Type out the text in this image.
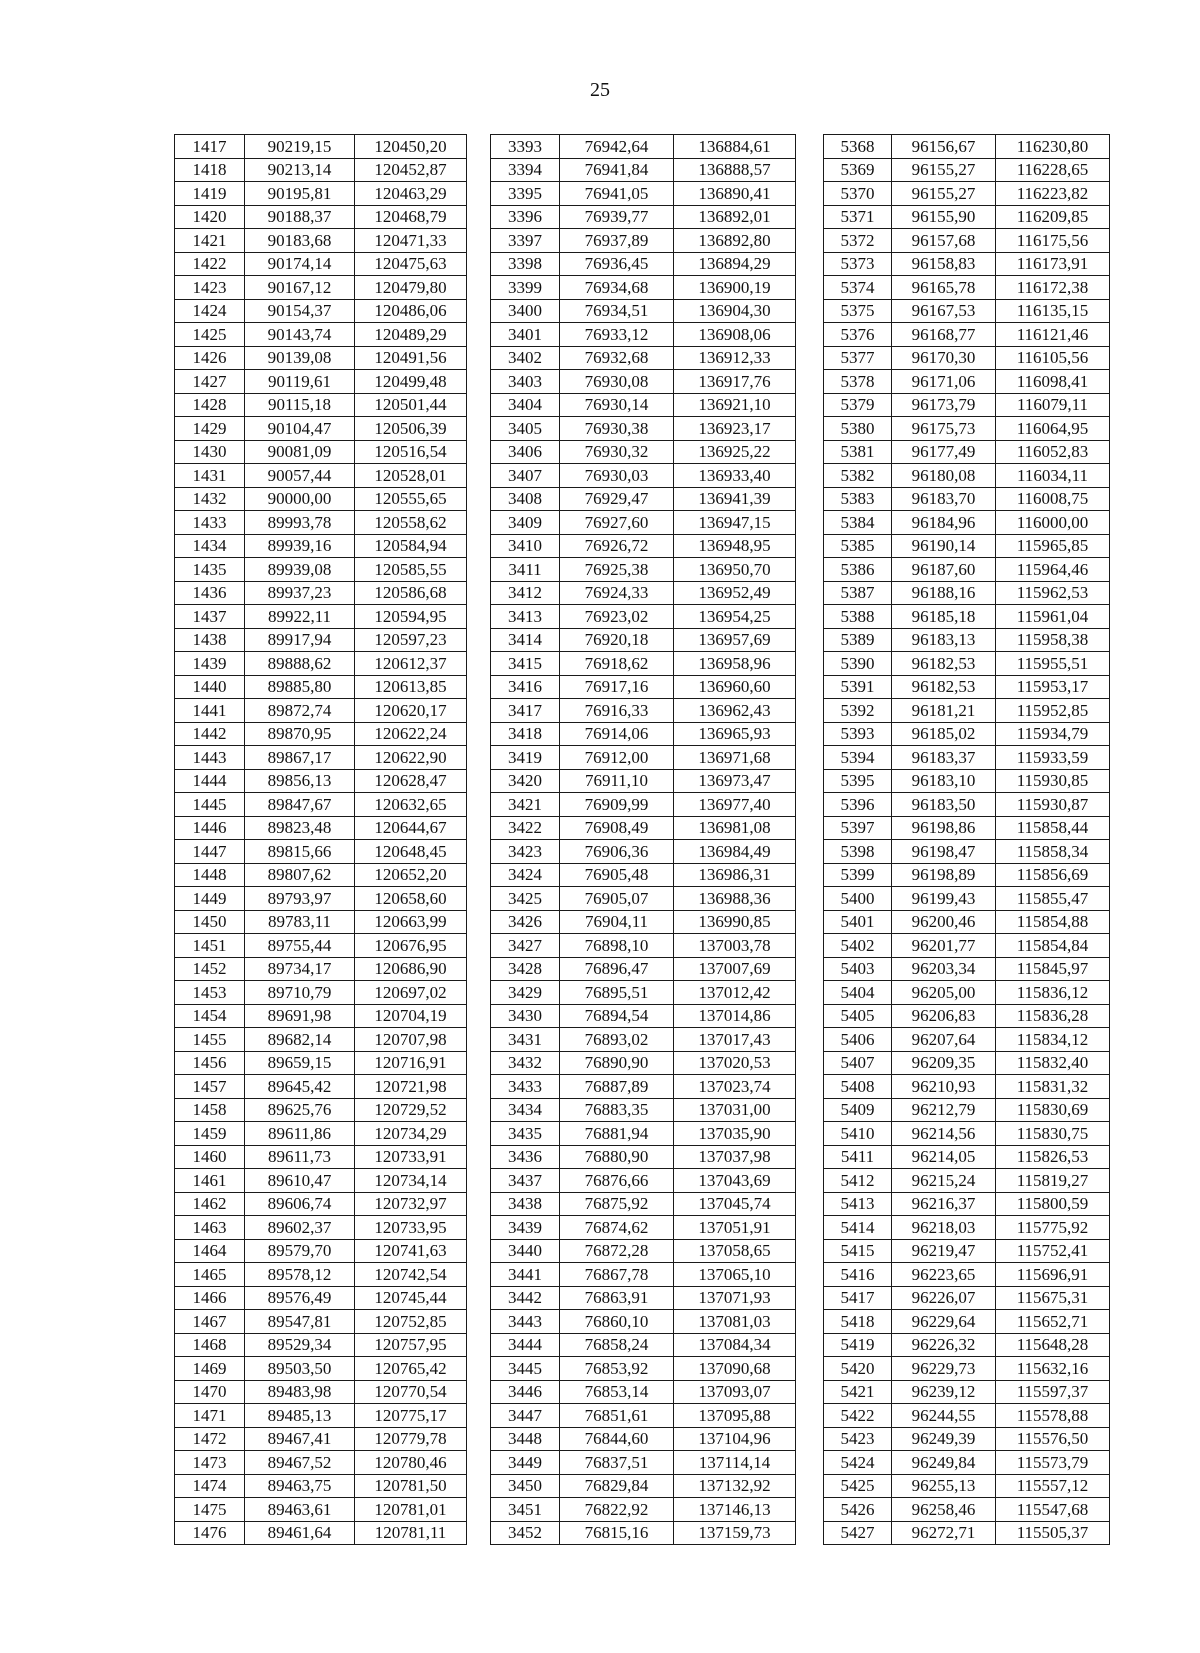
25
1417	90219,15	120450,20		3393	76942,64	136884,61		5368	96156,67	116230,80
1418	90213,14	120452,87		3394	76941,84	136888,57		5369	96155,27	116228,65
1419	90195,81	120463,29		3395	76941,05	136890,41		5370	96155,27	116223,82
1420	90188,37	120468,79		3396	76939,77	136892,01		5371	96155,90	116209,85
1421	90183,68	120471,33		3397	76937,89	136892,80		5372	96157,68	116175,56
1422	90174,14	120475,63		3398	76936,45	136894,29		5373	96158,83	116173,91
1423	90167,12	120479,80		3399	76934,68	136900,19		5374	96165,78	116172,38
1424	90154,37	120486,06		3400	76934,51	136904,30		5375	96167,53	116135,15
1425	90143,74	120489,29		3401	76933,12	136908,06		5376	96168,77	116121,46
1426	90139,08	120491,56		3402	76932,68	136912,33		5377	96170,30	116105,56
1427	90119,61	120499,48		3403	76930,08	136917,76		5378	96171,06	116098,41
1428	90115,18	120501,44		3404	76930,14	136921,10		5379	96173,79	116079,11
1429	90104,47	120506,39		3405	76930,38	136923,17		5380	96175,73	116064,95
1430	90081,09	120516,54		3406	76930,32	136925,22		5381	96177,49	116052,83
1431	90057,44	120528,01		3407	76930,03	136933,40		5382	96180,08	116034,11
1432	90000,00	120555,65		3408	76929,47	136941,39		5383	96183,70	116008,75
1433	89993,78	120558,62		3409	76927,60	136947,15		5384	96184,96	116000,00
1434	89939,16	120584,94		3410	76926,72	136948,95		5385	96190,14	115965,85
1435	89939,08	120585,55		3411	76925,38	136950,70		5386	96187,60	115964,46
1436	89937,23	120586,68		3412	76924,33	136952,49		5387	96188,16	115962,53
1437	89922,11	120594,95		3413	76923,02	136954,25		5388	96185,18	115961,04
1438	89917,94	120597,23		3414	76920,18	136957,69		5389	96183,13	115958,38
1439	89888,62	120612,37		3415	76918,62	136958,96		5390	96182,53	115955,51
1440	89885,80	120613,85		3416	76917,16	136960,60		5391	96182,53	115953,17
1441	89872,74	120620,17		3417	76916,33	136962,43		5392	96181,21	115952,85
1442	89870,95	120622,24		3418	76914,06	136965,93		5393	96185,02	115934,79
1443	89867,17	120622,90		3419	76912,00	136971,68		5394	96183,37	115933,59
1444	89856,13	120628,47		3420	76911,10	136973,47		5395	96183,10	115930,85
1445	89847,67	120632,65		3421	76909,99	136977,40		5396	96183,50	115930,87
1446	89823,48	120644,67		3422	76908,49	136981,08		5397	96198,86	115858,44
1447	89815,66	120648,45		3423	76906,36	136984,49		5398	96198,47	115858,34
1448	89807,62	120652,20		3424	76905,48	136986,31		5399	96198,89	115856,69
1449	89793,97	120658,60		3425	76905,07	136988,36		5400	96199,43	115855,47
1450	89783,11	120663,99		3426	76904,11	136990,85		5401	96200,46	115854,88
1451	89755,44	120676,95		3427	76898,10	137003,78		5402	96201,77	115854,84
1452	89734,17	120686,90		3428	76896,47	137007,69		5403	96203,34	115845,97
1453	89710,79	120697,02		3429	76895,51	137012,42		5404	96205,00	115836,12
1454	89691,98	120704,19		3430	76894,54	137014,86		5405	96206,83	115836,28
1455	89682,14	120707,98		3431	76893,02	137017,43		5406	96207,64	115834,12
1456	89659,15	120716,91		3432	76890,90	137020,53		5407	96209,35	115832,40
1457	89645,42	120721,98		3433	76887,89	137023,74		5408	96210,93	115831,32
1458	89625,76	120729,52		3434	76883,35	137031,00		5409	96212,79	115830,69
1459	89611,86	120734,29		3435	76881,94	137035,90		5410	96214,56	115830,75
1460	89611,73	120733,91		3436	76880,90	137037,98		5411	96214,05	115826,53
1461	89610,47	120734,14		3437	76876,66	137043,69		5412	96215,24	115819,27
1462	89606,74	120732,97		3438	76875,92	137045,74		5413	96216,37	115800,59
1463	89602,37	120733,95		3439	76874,62	137051,91		5414	96218,03	115775,92
1464	89579,70	120741,63		3440	76872,28	137058,65		5415	96219,47	115752,41
1465	89578,12	120742,54		3441	76867,78	137065,10		5416	96223,65	115696,91
1466	89576,49	120745,44		3442	76863,91	137071,93		5417	96226,07	115675,31
1467	89547,81	120752,85		3443	76860,10	137081,03		5418	96229,64	115652,71
1468	89529,34	120757,95		3444	76858,24	137084,34		5419	96226,32	115648,28
1469	89503,50	120765,42		3445	76853,92	137090,68		5420	96229,73	115632,16
1470	89483,98	120770,54		3446	76853,14	137093,07		5421	96239,12	115597,37
1471	89485,13	120775,17		3447	76851,61	137095,88		5422	96244,55	115578,88
1472	89467,41	120779,78		3448	76844,60	137104,96		5423	96249,39	115576,50
1473	89467,52	120780,46		3449	76837,51	137114,14		5424	96249,84	115573,79
1474	89463,75	120781,50		3450	76829,84	137132,92		5425	96255,13	115557,12
1475	89463,61	120781,01		3451	76822,92	137146,13		5426	96258,46	115547,68
1476	89461,64	120781,11		3452	76815,16	137159,73		5427	96272,71	115505,37
